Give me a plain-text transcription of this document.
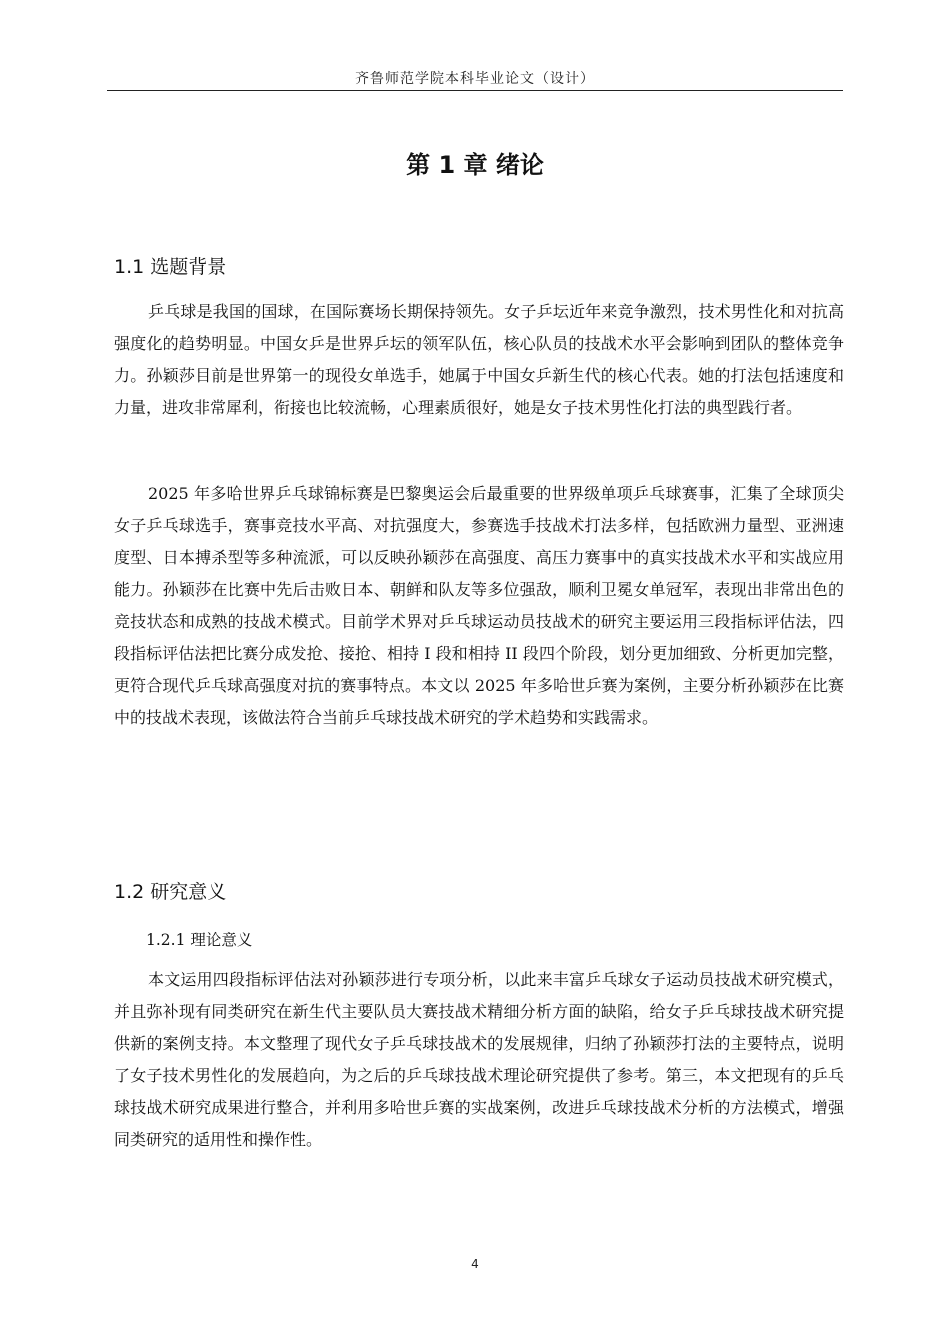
齐鲁师范学院本科毕业论文（设计）
第 1 章 绪论
1.1 选题背景

乒乓球是我国的国球，在国际赛场长期保持领先。女子乒坛近年来竞争激烈，技术男性化和对抗高强度化的趋势明显。中国女乒是世界乒坛的领军队伍，核心队员的技战术水平会影响到团队的整体竞争力。孙颖莎目前是世界第一的现役女单选手，她属于中国女乒新生代的核心代表。她的打法包括速度和力量，进攻非常犀利，衔接也比较流畅，心理素质很好，她是女子技术男性化打法的典型践行者。

2025 年多哈世界乒乓球锦标赛是巴黎奥运会后最重要的世界级单项乒乓球赛事，汇集了全球顶尖女子乒乓球选手，赛事竞技水平高、对抗强度大，参赛选手技战术打法多样，包括欧洲力量型、亚洲速度型、日本搏杀型等多种流派，可以反映孙颖莎在高强度、高压力赛事中的真实技战术水平和实战应用能力。孙颖莎在比赛中先后击败日本、朝鲜和队友等多位强敌，顺利卫冕女单冠军，表现出非常出色的竞技状态和成熟的技战术模式。目前学术界对乒乓球运动员技战术的研究主要运用三段指标评估法，四段指标评估法把比赛分成发抢、接抢、相持 I 段和相持 II 段四个阶段，划分更加细致、分析更加完整，更符合现代乒乓球高强度对抗的赛事特点。本文以 2025 年多哈世乒赛为案例，主要分析孙颖莎在比赛中的技战术表现，该做法符合当前乒乓球技战术研究的学术趋势和实践需求。

1.2 研究意义
1.2.1 理论意义

本文运用四段指标评估法对孙颖莎进行专项分析，以此来丰富乒乓球女子运动员技战术研究模式，并且弥补现有同类研究在新生代主要队员大赛技战术精细分析方面的缺陷，给女子乒乓球技战术研究提供新的案例支持。本文整理了现代女子乒乓球技战术的发展规律，归纳了孙颖莎打法的主要特点，说明了女子技术男性化的发展趋向，为之后的乒乓球技战术理论研究提供了参考。第三，本文把现有的乒乓球技战术研究成果进行整合，并利用多哈世乒赛的实战案例，改进乒乓球技战术分析的方法模式，增强同类研究的适用性和操作性。

4
